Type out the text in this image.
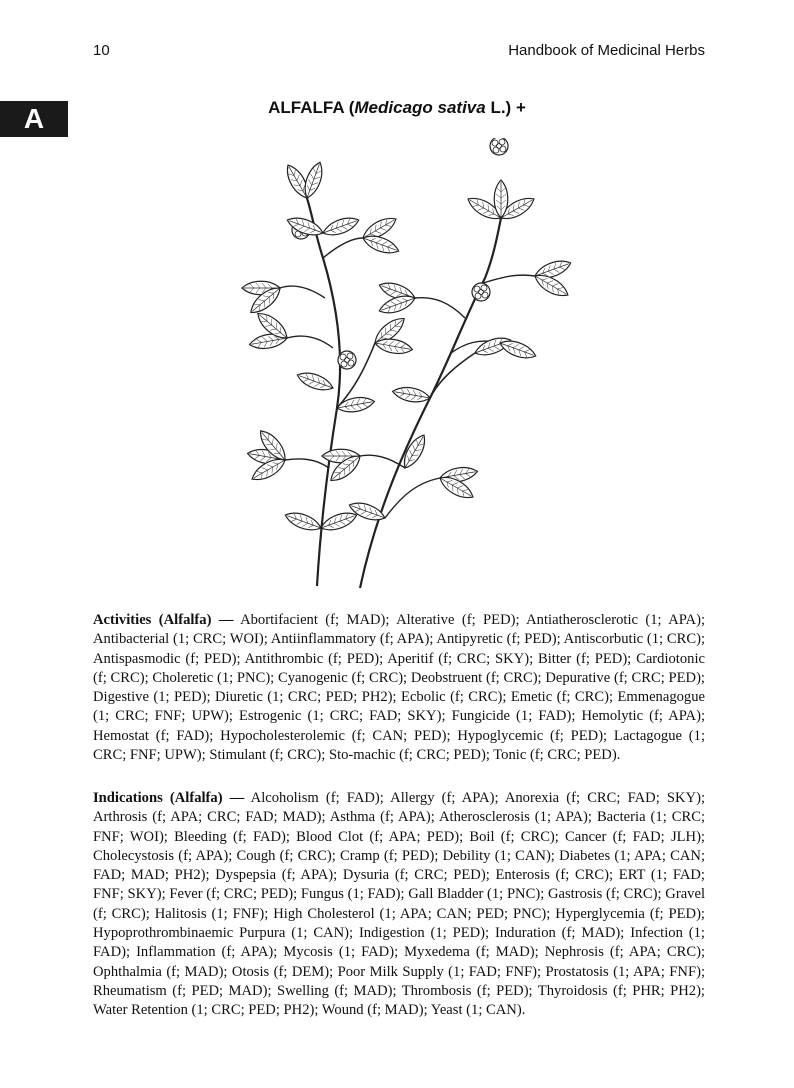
10	Handbook of Medicinal Herbs
A	ALFALFA (Medicago sativa L.) +
Activities (Alfalfa) — Abortifacient (f; MAD); Alterative (f; PED); Antiatherosclerotic (1; APA); Antibacterial (1; CRC; WOI); Antiinflammatory (f; APA); Antipyretic (f; PED); Antiscorbutic (1; CRC); Antispasmodic (f; PED); Antithrombic (f; PED); Aperitif (f; CRC; SKY); Bitter (f; PED); Cardiotonic (f; CRC); Choleretic (1; PNC); Cyanogenic (f; CRC); Deobstruent (f; CRC); Depurative (f; CRC; PED); Digestive (1; PED); Diuretic (1; CRC; PED; PH2); Ecbolic (f; CRC); Emetic (f; CRC); Emmenagogue (1; CRC; FNF; UPW); Estrogenic (1; CRC; FAD; SKY); Fungicide (1; FAD); Hemolytic (f; APA); Hemostat (f; FAD); Hypocholesterolemic (f; CAN; PED); Hypoglycemic (f; PED); Lactagogue (1; CRC; FNF; UPW); Stimulant (f; CRC); Sto-machic (f; CRC; PED); Tonic (f; CRC; PED).
Indications (Alfalfa) — Alcoholism (f; FAD); Allergy (f; APA); Anorexia (f; CRC; FAD; SKY); Arthrosis (f; APA; CRC; FAD; MAD); Asthma (f; APA); Atherosclerosis (1; APA); Bacteria (1; CRC; FNF; WOI); Bleeding (f; FAD); Blood Clot (f; APA; PED); Boil (f; CRC); Cancer (f; FAD; JLH); Cholecystosis (f; APA); Cough (f; CRC); Cramp (f; PED); Debility (1; CAN); Diabetes (1; APA; CAN; FAD; MAD; PH2); Dyspepsia (f; APA); Dysuria (f; CRC; PED); Enterosis (f; CRC); ERT (1; FAD; FNF; SKY); Fever (f; CRC; PED); Fungus (1; FAD); Gall Bladder (1; PNC); Gastrosis (f; CRC); Gravel (f; CRC); Halitosis (1; FNF); High Cholesterol (1; APA; CAN; PED; PNC); Hyperglycemia (f; PED); Hypoprothrombinaemic Purpura (1; CAN); Indigestion (1; PED); Induration (f; MAD); Infection (1; FAD); Inflammation (f; APA); Mycosis (1; FAD); Myxedema (f; MAD); Nephrosis (f; APA; CRC); Ophthalmia (f; MAD); Otosis (f; DEM); Poor Milk Supply (1; FAD; FNF); Prostatosis (1; APA; FNF); Rheumatism (f; PED; MAD); Swelling (f; MAD); Thrombosis (f; PED); Thyroidosis (f; PHR; PH2); Water Retention (1; CRC; PED; PH2); Wound (f; MAD); Yeast (1; CAN).
